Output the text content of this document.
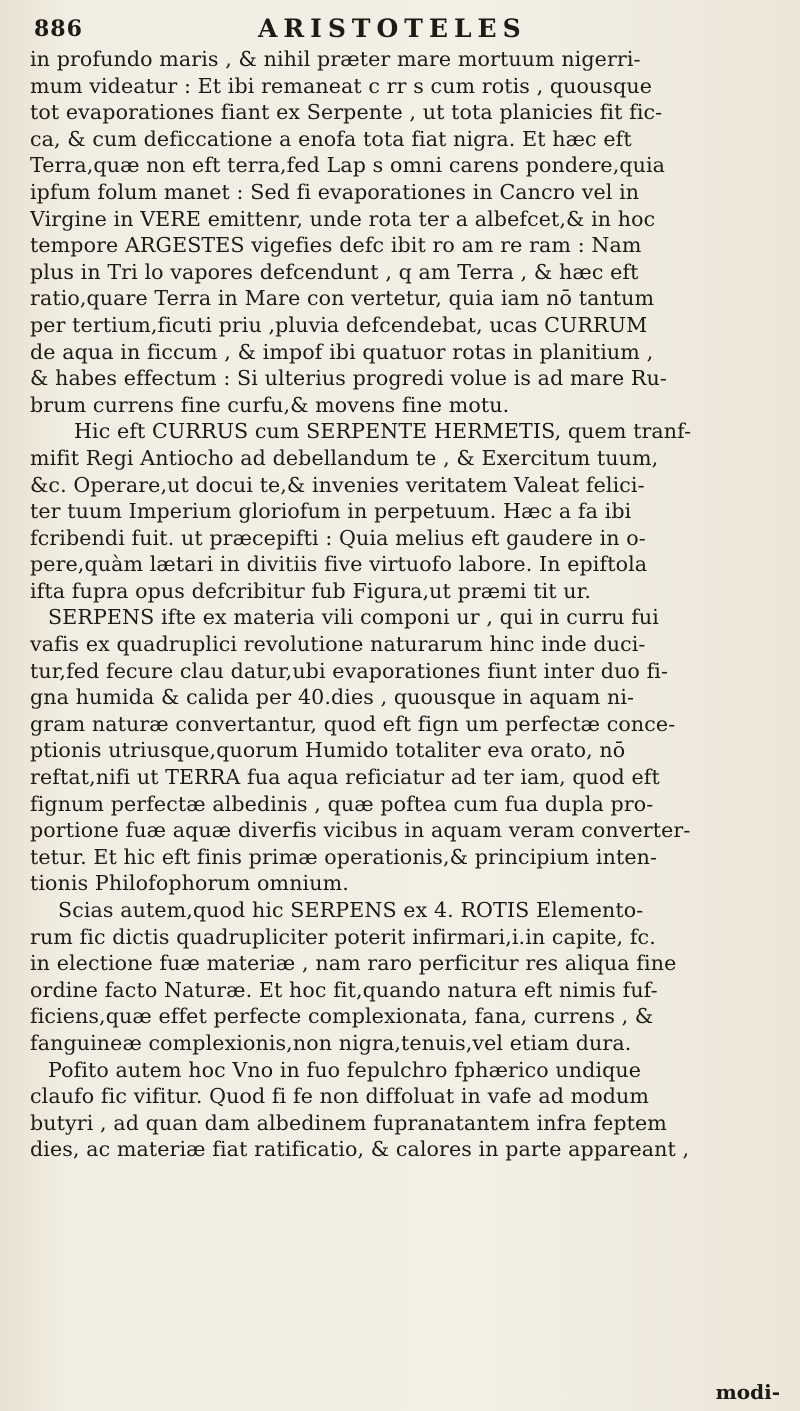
886	ARISTOTELES
in profundo maris , & nihil præter mare mortuum nigerri-
mum videatur : Et ibi remaneat c rr s cum rotis , quousque
tot evaporationes fiant ex Serpente , ut tota planicies fit fic-
ca, & cum deficcatione a enofa tota fiat nigra. Et hæc eft
Terra,quæ non eft terra,fed Lap s omni carens pondere,quia
ipfum folum manet : Sed fi evaporationes in Cancro vel in
Virgine in VERE emittenr, unde rota ter a albefcet,& in hoc
tempore ARGESTES vigefies defc ibit ro am re ram : Nam
plus in Tri lo vapores defcendunt , q am Terra , & hæc eft
ratio,quare Terra in Mare con vertetur, quia iam nō tantum
per tertium,ficuti priu ,pluvia defcendebat, ucas CURRUM
de aqua in ficcum , & impof ibi quatuor rotas in planitium ,
& habes effectum : Si ulterius progredi volue is ad mare Ru-
brum currens fine curfu,& movens fine motu.
Hic eft CURRUS cum SERPENTE HERMETIS, quem tranf-
mifit Regi Antiocho ad debellandum te , & Exercitum tuum,
&c. Operare,ut docui te,& invenies veritatem Valeat felici-
ter tuum Imperium gloriofum in perpetuum. Hæc a fa ibi
fcribendi fuit. ut præcepifti : Quia melius eft gaudere in o-
pere,quàm lætari in divitiis five virtuofo labore. In epiftola
ifta fupra opus defcribitur fub Figura,ut præmi tit ur.
SERPENS ifte ex materia vili componi ur , qui in curru fui
vafis ex quadruplici revolutione naturarum hinc inde duci-
tur,fed fecure clau datur,ubi evaporationes fiunt inter duo fi-
gna humida & calida per 40.dies , quousque in aquam ni-
gram naturæ convertantur, quod eft fign um perfectæ conce-
ptionis utriusque,quorum Humido totaliter eva orato, nō
reftat,nifi ut TERRA fua aqua reficiatur ad ter iam, quod eft
fignum perfectæ albedinis , quæ poftea cum fua dupla pro-
portione fuæ aquæ diverfis vicibus in aquam veram converter-
tetur. Et hic eft finis primæ operationis,& principium inten-
tionis Philofophorum omnium.
Scias autem,quod hic SERPENS ex 4. ROTIS Elemento-
rum fic dictis quadrupliciter poterit infirmari,i.in capite, fc.
in electione fuæ materiæ , nam raro perficitur res aliqua fine
ordine facto Naturæ. Et hoc fit,quando natura eft nimis fuf-
ficiens,quæ effet perfecte complexionata, fana, currens , &
fanguineæ complexionis,non nigra,tenuis,vel etiam dura.
Pofito autem hoc Vno in fuo fepulchro fphærico undique
claufo fic vifitur. Quod fi fe non diffoluat in vafe ad modum
butyri , ad quan dam albedinem fupranatantem infra feptem
dies, ac materiæ fiat ratificatio, & calores in parte appareant ,
modi-
